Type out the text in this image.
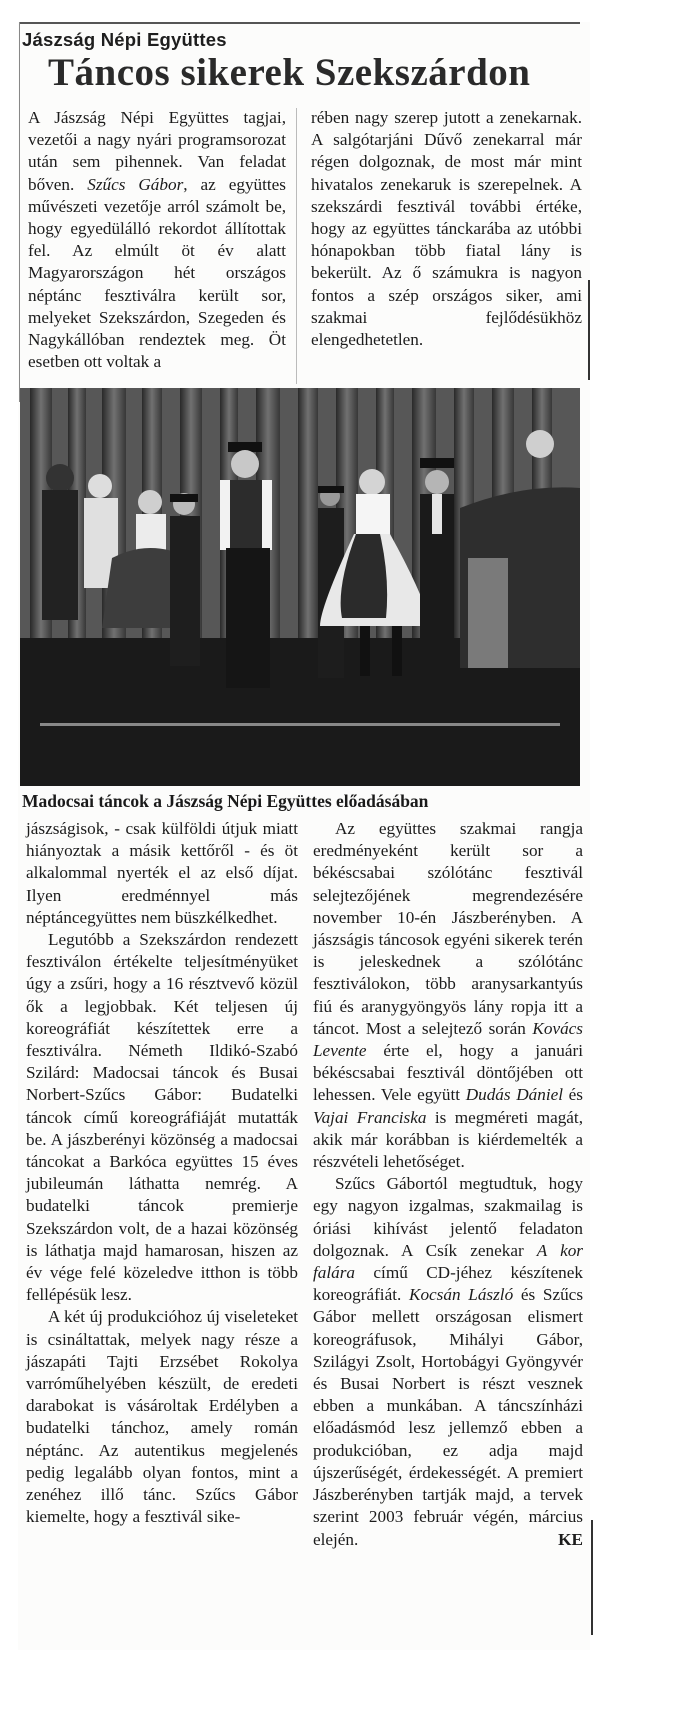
Jászság Népi Együttes
Táncos sikerek Szekszárdon

A Jászság Népi Együttes tagjai, vezetői a nagy nyári programsorozat után sem pihennek. Van feladat bőven. Szűcs Gábor, az együttes művészeti vezetője arról számolt be, hogy egyedülálló rekordot állítottak fel. Az elmúlt öt év alatt Magyarországon hét országos néptánc fesztiválra került sor, melyeket Szekszárdon, Szegeden és Nagykállóban rendeztek meg. Öt esetben ott voltak a

rében nagy szerep jutott a zenekarnak. A salgótarjáni Dűvő zenekarral már régen dolgoznak, de most már mint hivatalos zenekaruk is szerepelnek. A szekszárdi fesztivál további értéke, hogy az együttes tánckarába az utóbbi hónapokban több fiatal lány is bekerült. Az ő számukra is nagyon fontos a szép országos siker, ami szakmai fejlődésükhöz elengedhetetlen.

Madocsai táncok a Jászság Népi Együttes előadásában

jászságisok, - csak külföldi útjuk miatt hiányoztak a másik kettőről - és öt alkalommal nyerték el az első díjat. Ilyen eredménnyel más néptáncegyüttes nem büszkélkedhet.

Legutóbb a Szekszárdon rendezett fesztiválon értékelte teljesítményüket úgy a zsűri, hogy a 16 résztvevő közül ők a legjobbak. Két teljesen új koreográfiát készítettek erre a fesztiválra. Németh Ildikó-Szabó Szilárd: Madocsai táncok és Busai Norbert-Szűcs Gábor: Budatelki táncok című koreográfiáját mutatták be. A jászberényi közönség a madocsai táncokat a Barkóca együttes 15 éves jubileumán láthatta nemrég. A budatelki táncok premierje Szekszárdon volt, de a hazai közönség is láthatja majd hamarosan, hiszen az év vége felé közeledve itthon is több fellépésük lesz.

A két új produkcióhoz új viseleteket is csináltattak, melyek nagy része a jászapáti Tajti Erzsébet Rokolya varróműhelyében készült, de eredeti darabokat is vásároltak Erdélyben a budatelki tánchoz, amely román néptánc. Az autentikus megjelenés pedig legalább olyan fontos, mint a zenéhez illő tánc. Szűcs Gábor kiemelte, hogy a fesztivál sike-

Az együttes szakmai rangja eredményeként került sor a békéscsabai szólótánc fesztivál selejtezőjének megrendezésére november 10-én Jászberényben. A jászságis táncosok egyéni sikerek terén is jeleskednek a szólótánc fesztiválokon, több aranysarkantyús fiú és aranygyöngyös lány ropja itt a táncot. Most a selejtező során Kovács Levente érte el, hogy a januári békéscsabai fesztivál döntőjében ott lehessen. Vele együtt Dudás Dániel és Vajai Franciska is megméreti magát, akik már korábban is kiérdemelték a részvételi lehetőséget.

Szűcs Gábortól megtudtuk, hogy egy nagyon izgalmas, szakmailag is óriási kihívást jelentő feladaton dolgoznak. A Csík zenekar A kor falára című CD-jéhez készítenek koreográfiát. Kocsán László és Szűcs Gábor mellett országosan elismert koreográfusok, Mihályi Gábor, Szilágyi Zsolt, Hortobágyi Gyöngyvér és Busai Norbert is részt vesznek ebben a munkában. A táncszínházi előadásmód lesz jellemző ebben a produkcióban, ez adja majd újszerűségét, érdekességét. A premiert Jászberényben tartják majd, a tervek szerint 2003 február végén, március elején.	KE
